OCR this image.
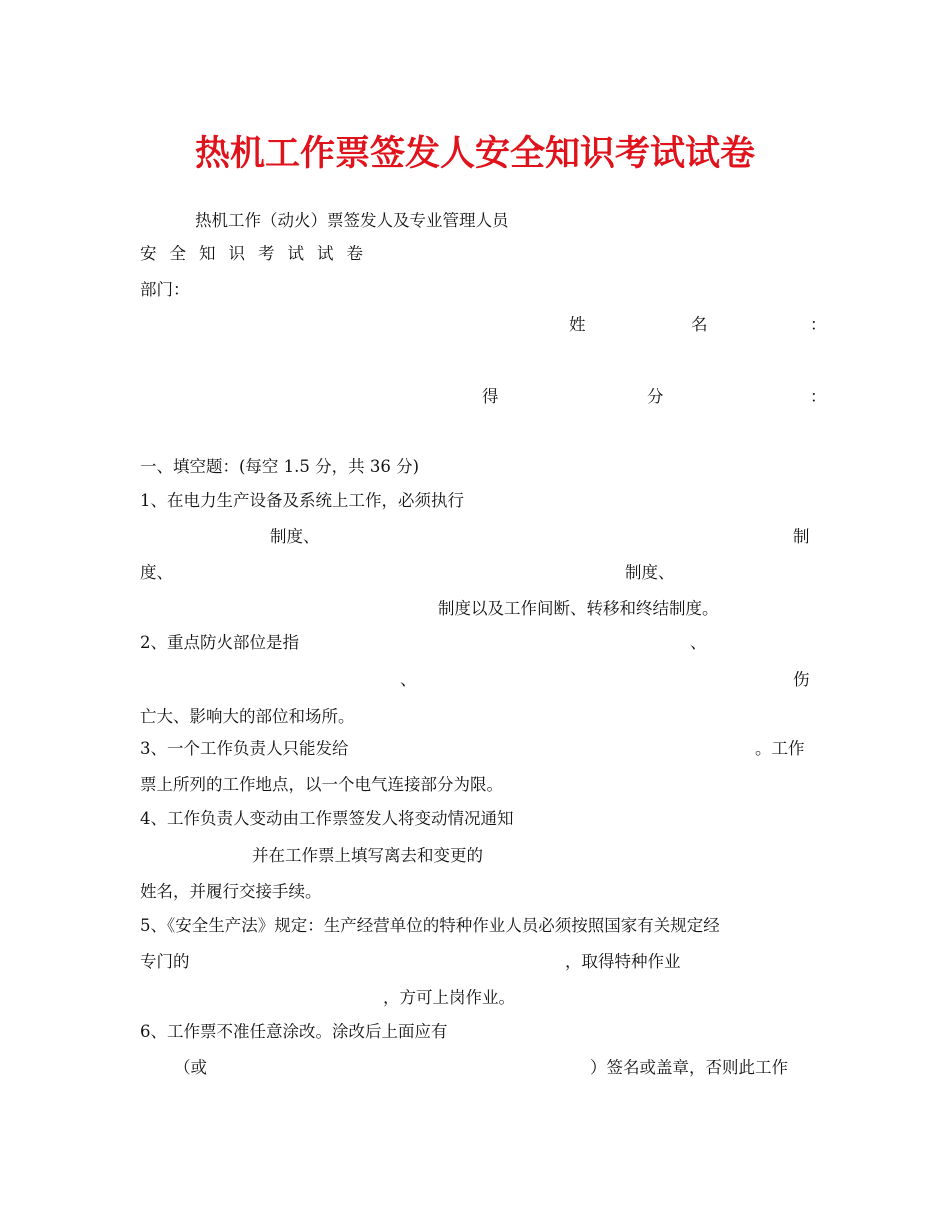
热机工作票签发人安全知识考试试卷
热机工作（动火）票签发人及专业管理人员
安全知识考试试卷
部门：
姓	名	：
得	分	：
一、填空题：(每空 1.5 分，共 36 分)
1、在电力生产设备及系统上工作，必须执行
制度、	制
度、	制度、
制度以及工作间断、转移和终结制度。
2、重点防火部位是指	、
、	伤
亡大、影响大的部位和场所。
3、一个工作负责人只能发给	。工作
票上所列的工作地点，以一个电气连接部分为限。
4、工作负责人变动由工作票签发人将变动情况通知
并在工作票上填写离去和变更的
姓名，并履行交接手续。
5、《安全生产法》规定：生产经营单位的特种作业人员必须按照国家有关规定经
专门的	，取得特种作业
，方可上岗作业。
6、工作票不准任意涂改。涂改后上面应有
（或	）签名或盖章，否则此工作
